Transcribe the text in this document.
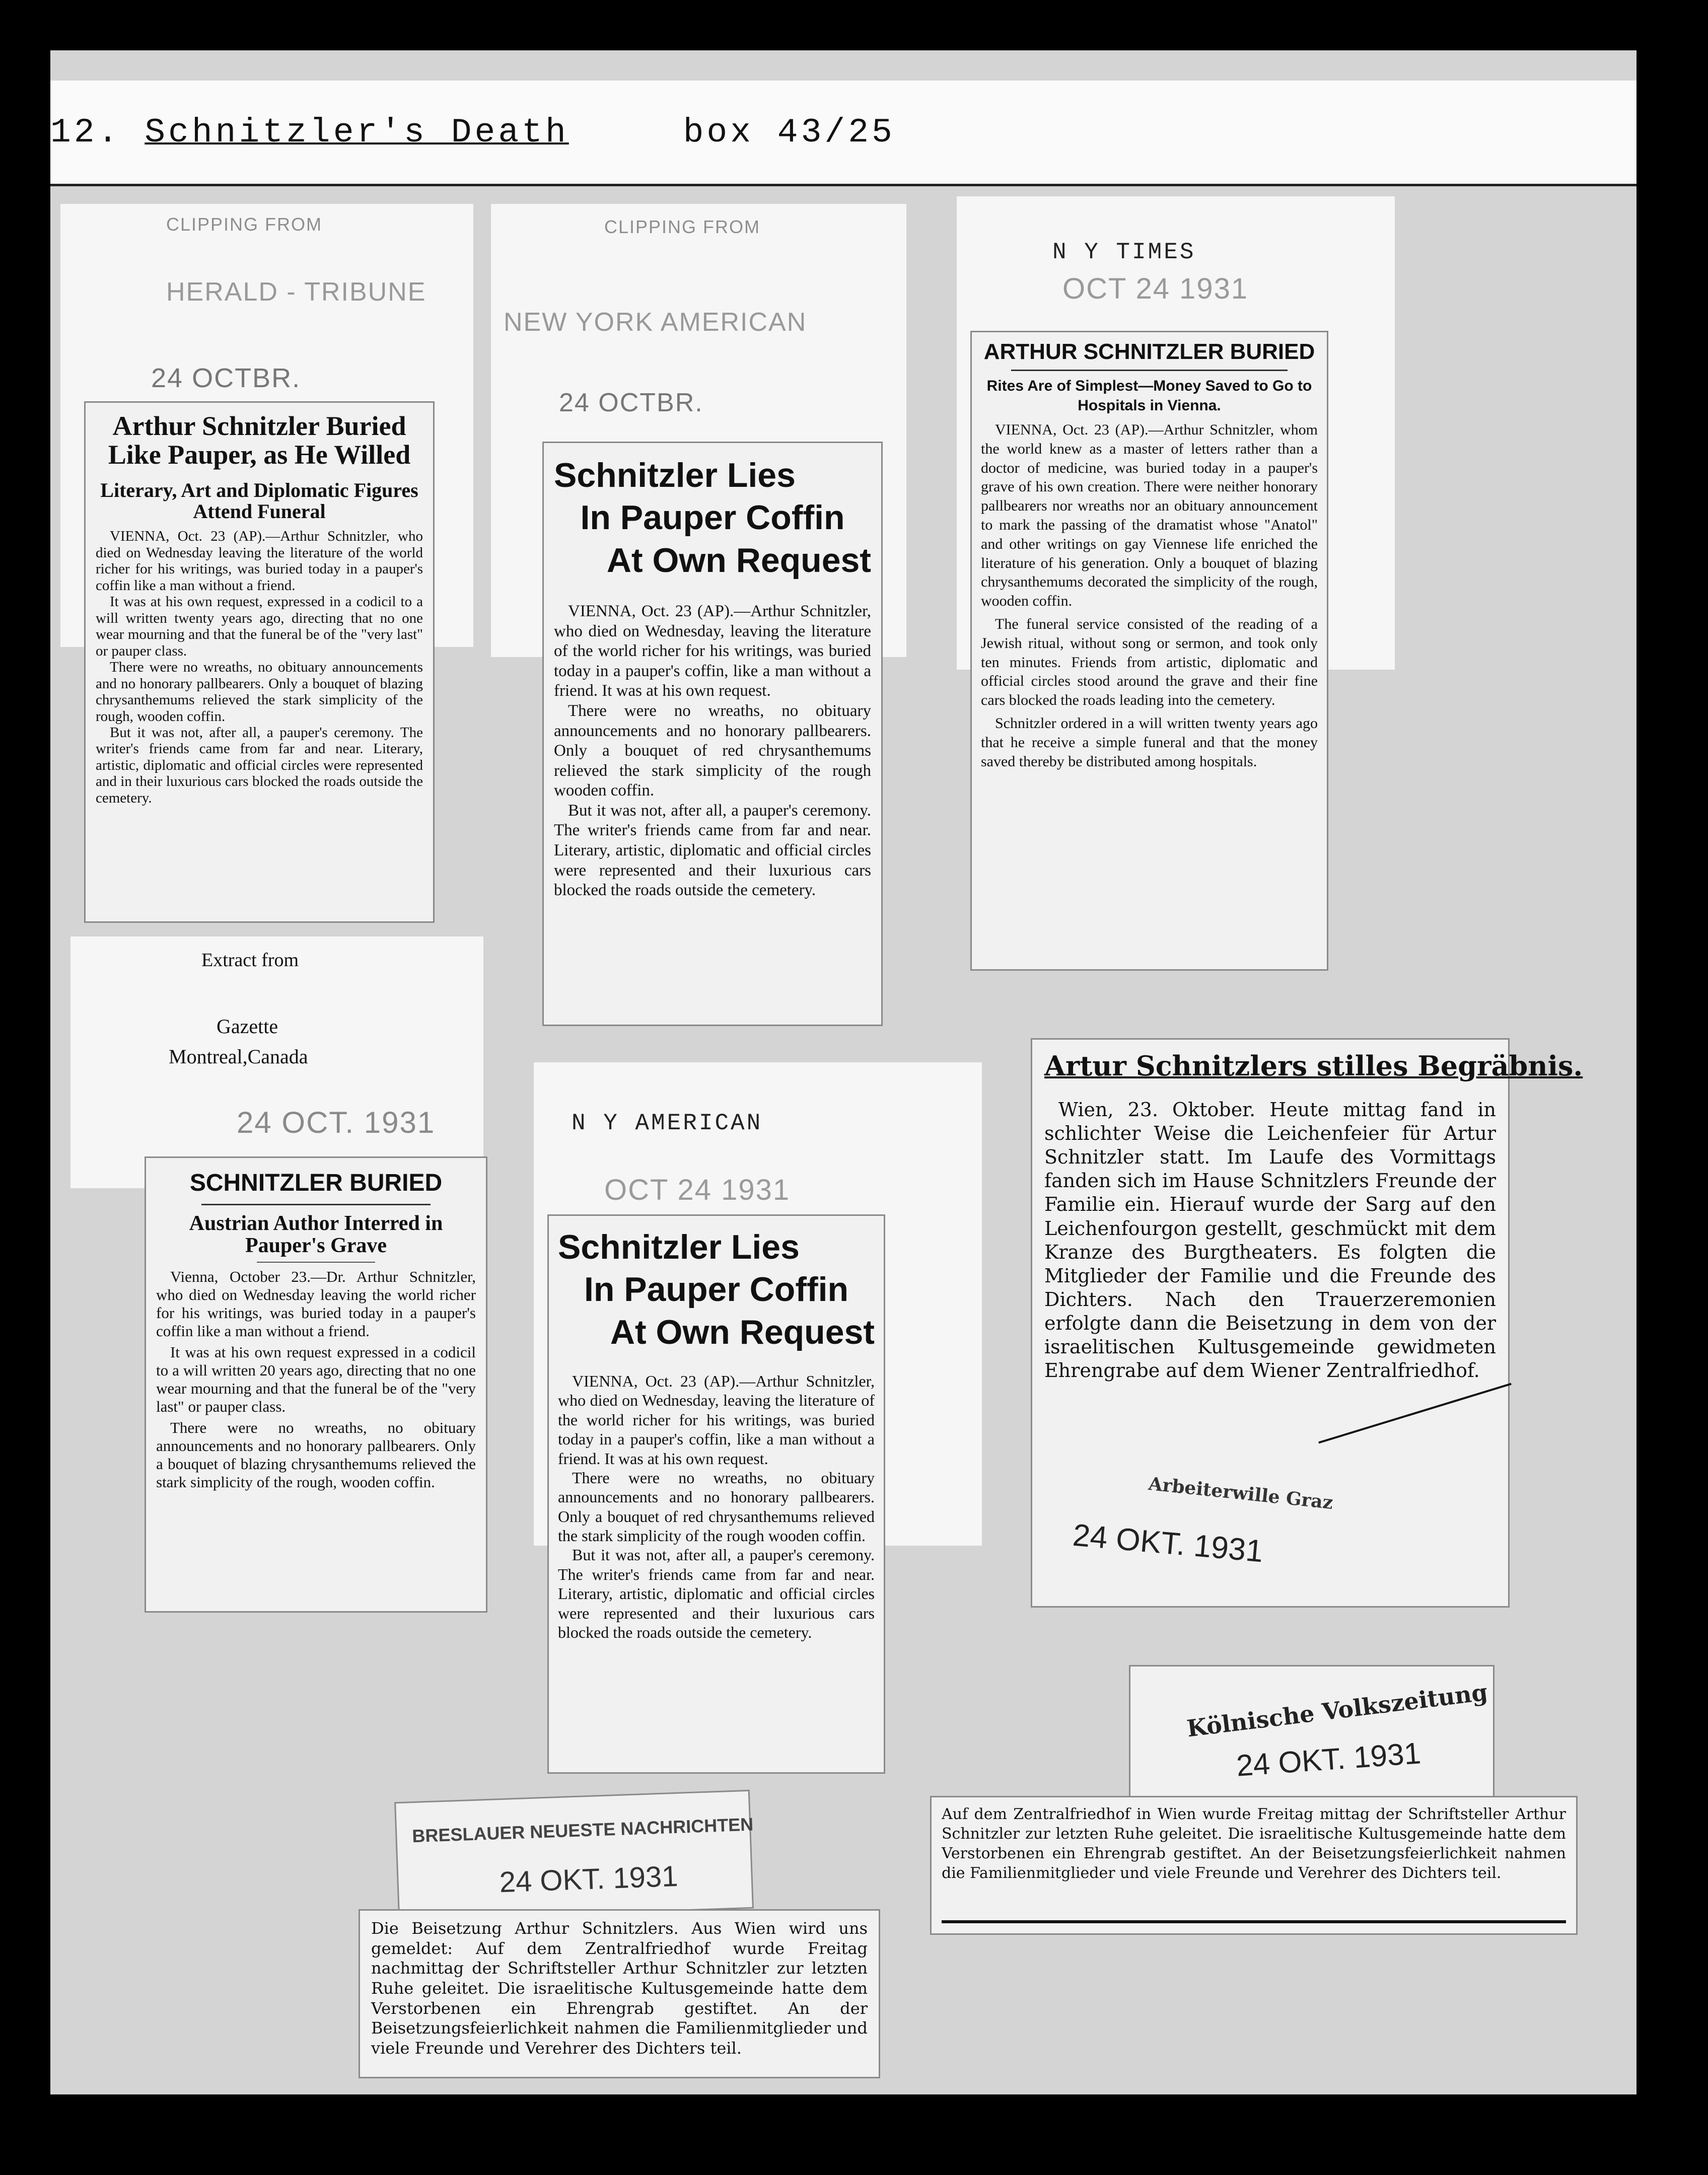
12. Schnitzler's Death	box 43/25
CLIPPING FROM
HERALD - TRIBUNE
24 OCTBR.
Arthur Schnitzler Buried Like Pauper, as He Willed
Literary, Art and Diplomatic Figures Attend Funeral

VIENNA, Oct. 23 (AP).—Arthur Schnitzler, who died on Wednesday leaving the literature of the world richer for his writings, was buried today in a pauper's coffin like a man without a friend.

It was at his own request, expressed in a codicil to a will written twenty years ago, directing that no one wear mourning and that the funeral be of the "very last" or pauper class.

There were no wreaths, no obituary announcements and no honorary pallbearers. Only a bouquet of blazing chrysanthemums relieved the stark simplicity of the rough, wooden coffin.

But it was not, after all, a pauper's ceremony. The writer's friends came from far and near. Literary, artistic, diplomatic and official circles were represented and in their luxurious cars blocked the roads outside the cemetery.

CLIPPING FROM
NEW YORK AMERICAN
24 OCTBR.
Schnitzler Lies
In Pauper Coffin
At Own Request

VIENNA, Oct. 23 (AP).—Arthur Schnitzler, who died on Wednesday, leaving the literature of the world richer for his writings, was buried today in a pauper's coffin, like a man without a friend. It was at his own request.

There were no wreaths, no obituary announcements and no honorary pallbearers. Only a bouquet of red chrysanthemums relieved the stark simplicity of the rough wooden coffin.

But it was not, after all, a pauper's ceremony. The writer's friends came from far and near. Literary, artistic, diplomatic and official circles were represented and their luxurious cars blocked the roads outside the cemetery.

N Y TIMES
OCT 24 1931
ARTHUR SCHNITZLER BURIED
Rites Are of Simplest—Money Saved to Go to Hospitals in Vienna.

VIENNA, Oct. 23 (AP).—Arthur Schnitzler, whom the world knew as a master of letters rather than a doctor of medicine, was buried today in a pauper's grave of his own creation. There were neither honorary pallbearers nor wreaths nor an obituary announcement to mark the passing of the dramatist whose "Anatol" and other writings on gay Viennese life enriched the literature of his generation. Only a bouquet of blazing chrysanthemums decorated the simplicity of the rough, wooden coffin.

The funeral service consisted of the reading of a Jewish ritual, without song or sermon, and took only ten minutes. Friends from artistic, diplomatic and official circles stood around the grave and their fine cars blocked the roads leading into the cemetery.

Schnitzler ordered in a will written twenty years ago that he receive a simple funeral and that the money saved thereby be distributed among hospitals.

Extract from
Gazette
Montreal,Canada
24 OCT. 1931
SCHNITZLER BURIED
Austrian Author Interred in Pauper's Grave

Vienna, October 23.—Dr. Arthur Schnitzler, who died on Wednesday leaving the world richer for his writings, was buried today in a pauper's coffin like a man without a friend.

It was at his own request expressed in a codicil to a will written 20 years ago, directing that no one wear mourning and that the funeral be of the "very last" or pauper class.

There were no wreaths, no obituary announcements and no honorary pallbearers. Only a bouquet of blazing chrysanthemums relieved the stark simplicity of the rough, wooden coffin.

N Y AMERICAN
OCT 24 1931
Schnitzler Lies
In Pauper Coffin
At Own Request

VIENNA, Oct. 23 (AP).—Arthur Schnitzler, who died on Wednesday, leaving the literature of the world richer for his writings, was buried today in a pauper's coffin, like a man without a friend. It was at his own request.

There were no wreaths, no obituary announcements and no honorary pallbearers. Only a bouquet of red chrysanthemums relieved the stark simplicity of the rough wooden coffin.

But it was not, after all, a pauper's ceremony. The writer's friends came from far and near. Literary, artistic, diplomatic and official circles were represented and their luxurious cars blocked the roads outside the cemetery.

Artur Schnitzlers stilles Begräbnis.

Wien, 23. Oktober. Heute mittag fand in schlichter Weise die Leichenfeier für Artur Schnitzler statt. Im Laufe des Vormittags fanden sich im Hause Schnitzlers Freunde der Familie ein. Hierauf wurde der Sarg auf den Leichenfourgon gestellt, geschmückt mit dem Kranze des Burgtheaters. Es folgten die Mitglieder der Familie und die Freunde des Dichters. Nach den Trauerzeremonien erfolgte dann die Beisetzung in dem von der israelitischen Kultusgemeinde gewidmeten Ehrengrabe auf dem Wiener Zentralfriedhof.

Arbeiterwille Graz
24 OKT. 1931
Kölnische Volkszeitung
24 OKT. 1931
Auf dem Zentralfriedhof in Wien wurde Freitag mittag der Schriftsteller Arthur Schnitzler zur letzten Ruhe geleitet. Die israelitische Kultusgemeinde hatte dem Verstorbenen ein Ehrengrab gestiftet. An der Beisetzungsfeierlichkeit nahmen die Familienmitglieder und viele Freunde und Verehrer des Dichters teil.
BRESLAUER NEUESTE NACHRICHTEN
24 OKT. 1931
Die Beisetzung Arthur Schnitzlers. Aus Wien wird uns gemeldet: Auf dem Zentralfriedhof wurde Freitag nachmittag der Schriftsteller Arthur Schnitzler zur letzten Ruhe geleitet. Die israelitische Kultusgemeinde hatte dem Verstorbenen ein Ehrengrab gestiftet. An der Beisetzungsfeierlichkeit nahmen die Familienmitglieder und viele Freunde und Verehrer des Dichters teil.
